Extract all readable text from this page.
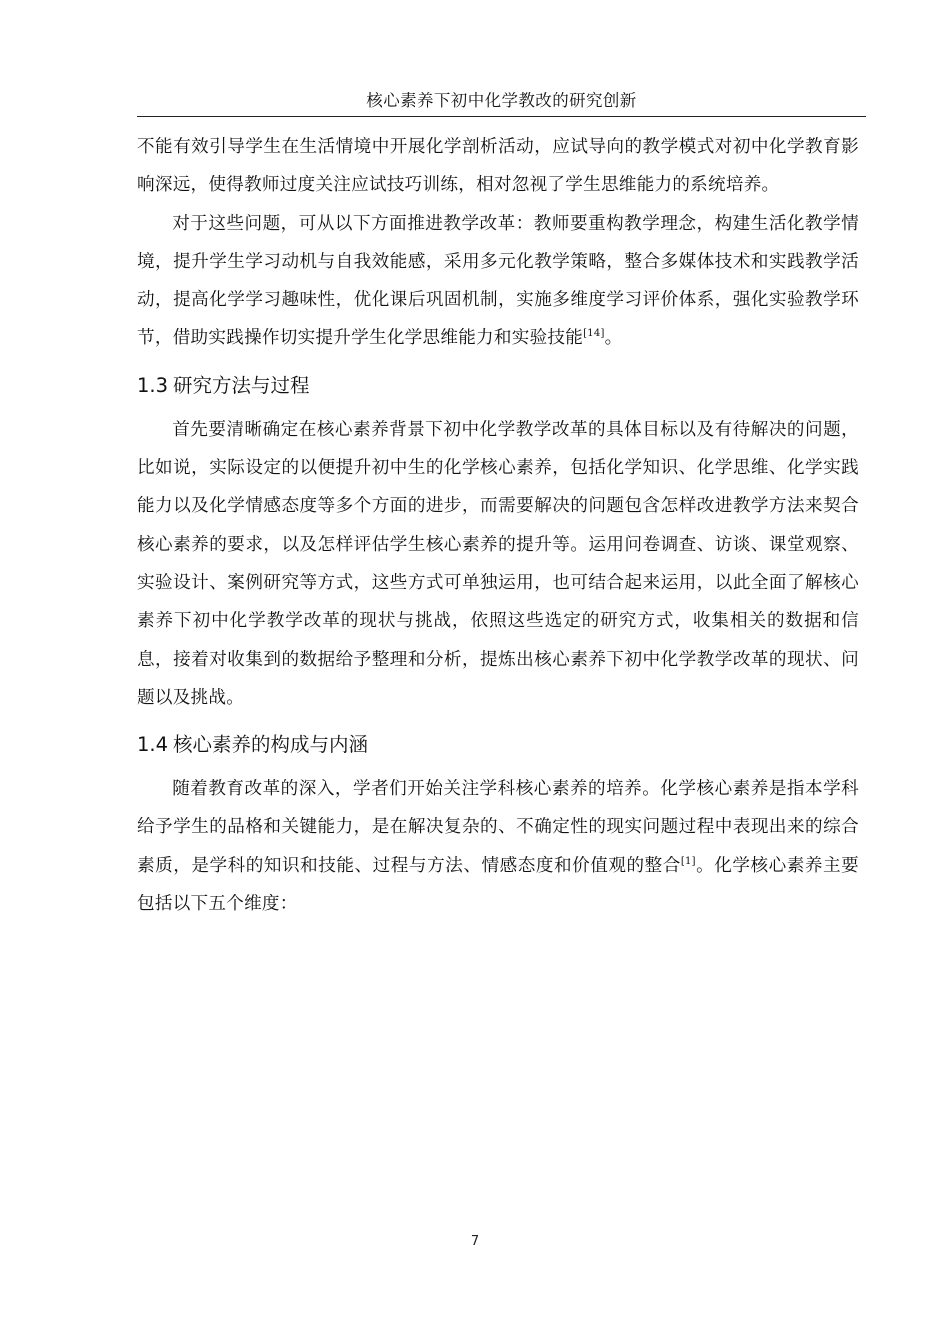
核心素养下初中化学教改的研究创新

不能有效引导学生在生活情境中开展化学剖析活动，应试导向的教学模式对初中化学教育影响深远，使得教师过度关注应试技巧训练，相对忽视了学生思维能力的系统培养。

对于这些问题，可从以下方面推进教学改革：教师要重构教学理念，构建生活化教学情境，提升学生学习动机与自我效能感，采用多元化教学策略，整合多媒体技术和实践教学活动，提高化学学习趣味性，优化课后巩固机制，实施多维度学习评价体系，强化实验教学环节，借助实践操作切实提升学生化学思维能力和实验技能[14]。

1.3 研究方法与过程

首先要清晰确定在核心素养背景下初中化学教学改革的具体目标以及有待解决的问题，比如说，实际设定的以便提升初中生的化学核心素养，包括化学知识、化学思维、化学实践能力以及化学情感态度等多个方面的进步，而需要解决的问题包含怎样改进教学方法来契合核心素养的要求，以及怎样评估学生核心素养的提升等。运用问卷调查、访谈、课堂观察、实验设计、案例研究等方式，这些方式可单独运用，也可结合起来运用，以此全面了解核心素养下初中化学教学改革的现状与挑战，依照这些选定的研究方式，收集相关的数据和信息，接着对收集到的数据给予整理和分析，提炼出核心素养下初中化学教学改革的现状、问题以及挑战。

1.4 核心素养的构成与内涵

随着教育改革的深入，学者们开始关注学科核心素养的培养。化学核心素养是指本学科给予学生的品格和关键能力，是在解决复杂的、不确定性的现实问题过程中表现出来的综合素质，是学科的知识和技能、过程与方法、情感态度和价值观的整合[1]。化学核心素养主要包括以下五个维度：

7
